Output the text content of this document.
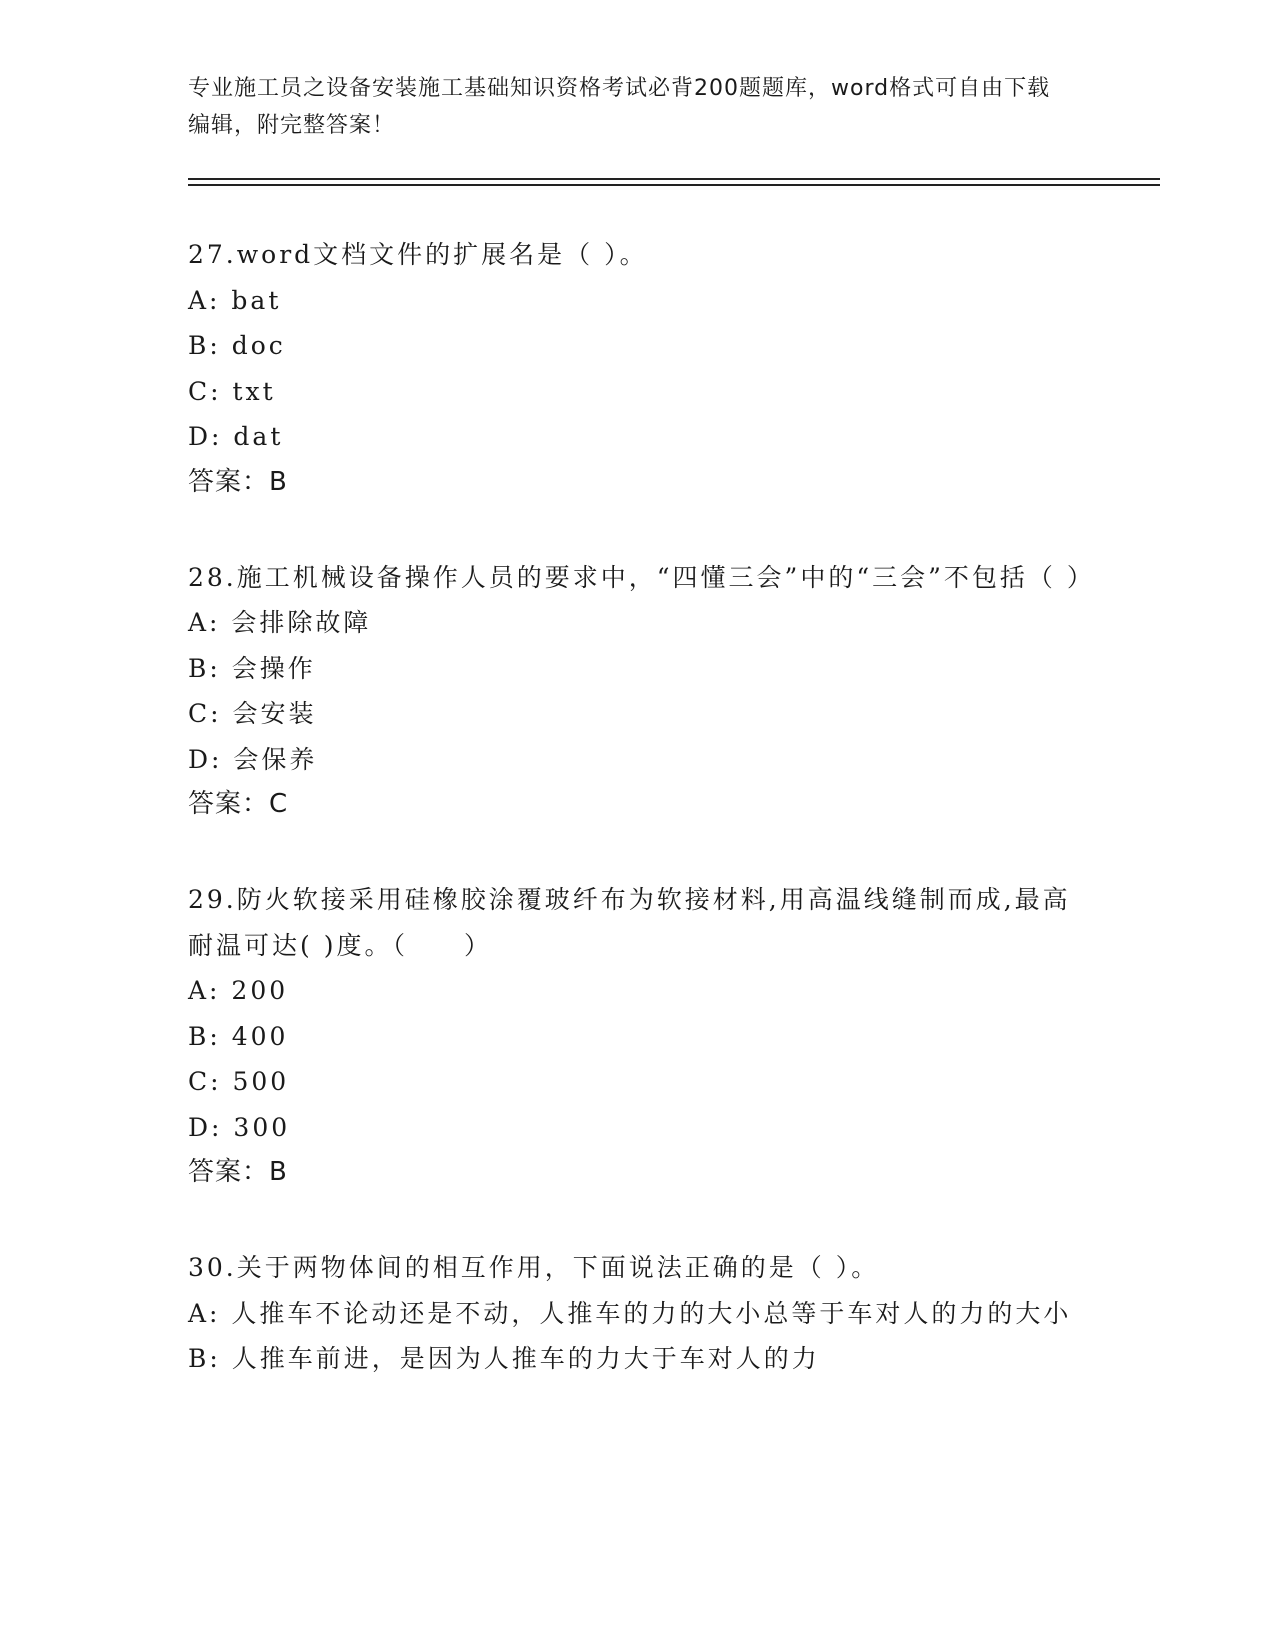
专业施工员之设备安装施工基础知识资格考试必背200题题库，word格式可自由下载编辑，附完整答案！

27.word文档文件的扩展名是（ ）。

A: bat

B: doc

C: txt

D: dat

答案：B

28.施工机械设备操作人员的要求中，“四懂三会”中的“三会”不包括（ ）

A: 会排除故障

B: 会操作

C: 会安装

D: 会保养

答案：C

29.防火软接采用硅橡胶涂覆玻纤布为软接材料,用高温线缝制而成,最高耐温可达( )度。（　　）

A: 200

B: 400

C: 500

D: 300

答案：B

30.关于两物体间的相互作用，下面说法正确的是（ ）。

A: 人推车不论动还是不动，人推车的力的大小总等于车对人的力的大小

B: 人推车前进，是因为人推车的力大于车对人的力
